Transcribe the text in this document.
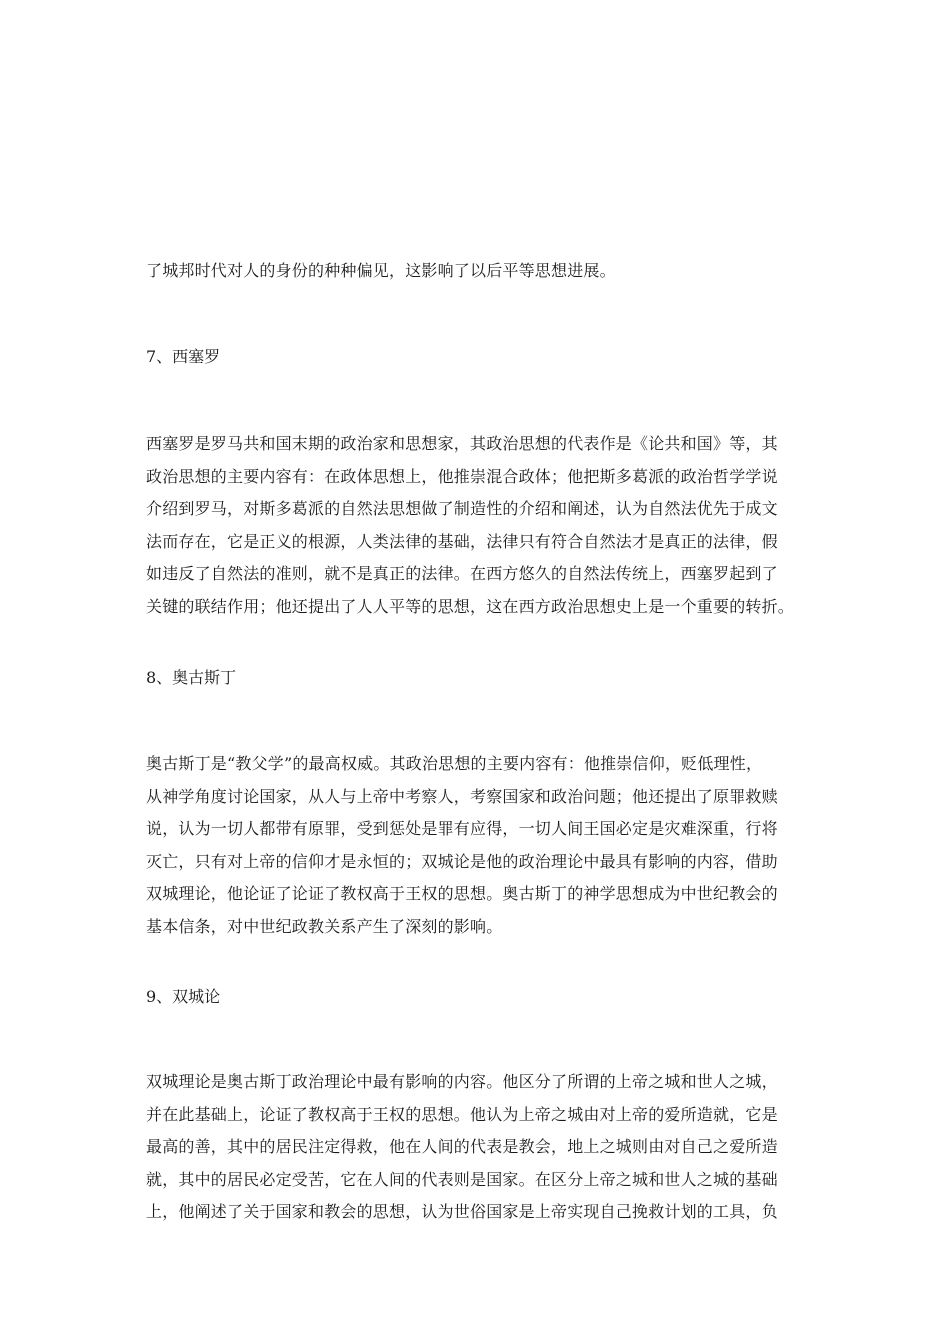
了城邦时代对人的身份的种种偏见，这影响了以后平等思想进展。
7、西塞罗
西塞罗是罗马共和国末期的政治家和思想家，其政治思想的代表作是《论共和国》等，其
政治思想的主要内容有：在政体思想上，他推崇混合政体；他把斯多葛派的政治哲学学说
介绍到罗马，对斯多葛派的自然法思想做了制造性的介绍和阐述，认为自然法优先于成文
法而存在，它是正义的根源，人类法律的基础，法律只有符合自然法才是真正的法律，假
如违反了自然法的准则，就不是真正的法律。在西方悠久的自然法传统上，西塞罗起到了
关键的联结作用；他还提出了人人平等的思想，这在西方政治思想史上是一个重要的转折。
8、奥古斯丁
奥古斯丁是“教父学”的最高权威。其政治思想的主要内容有：他推崇信仰，贬低理性，
从神学角度讨论国家，从人与上帝中考察人，考察国家和政治问题；他还提出了原罪救赎
说，认为一切人都带有原罪，受到惩处是罪有应得，一切人间王国必定是灾难深重，行将
灭亡，只有对上帝的信仰才是永恒的；双城论是他的政治理论中最具有影响的内容，借助
双城理论，他论证了论证了教权高于王权的思想。奥古斯丁的神学思想成为中世纪教会的
基本信条，对中世纪政教关系产生了深刻的影响。
9、双城论
双城理论是奥古斯丁政治理论中最有影响的内容。他区分了所谓的上帝之城和世人之城，
并在此基础上，论证了教权高于王权的思想。他认为上帝之城由对上帝的爱所造就，它是
最高的善，其中的居民注定得救，他在人间的代表是教会，地上之城则由对自己之爱所造
就，其中的居民必定受苦，它在人间的代表则是国家。在区分上帝之城和世人之城的基础
上，他阐述了关于国家和教会的思想，认为世俗国家是上帝实现自己挽救计划的工具，负
